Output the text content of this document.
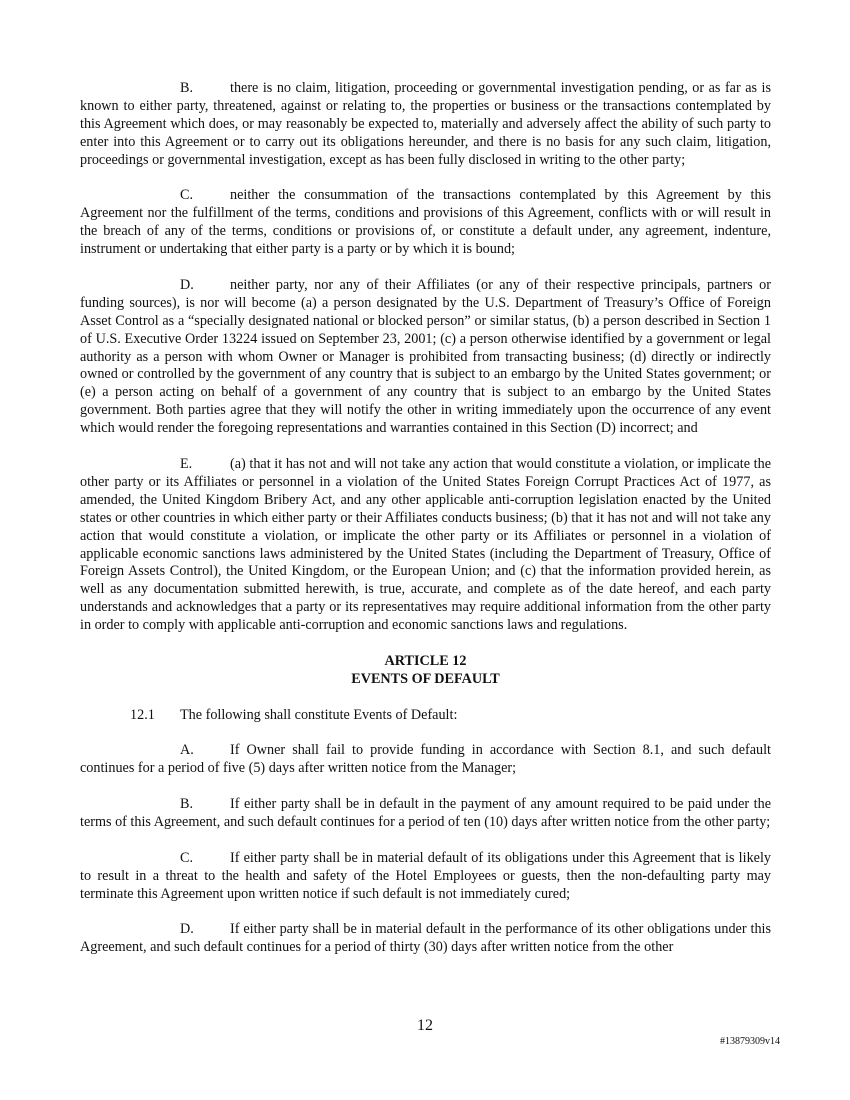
B.	there is no claim, litigation, proceeding or governmental investigation pending, or as far as is known to either party, threatened, against or relating to, the properties or business or the transactions contemplated by this Agreement which does, or may reasonably be expected to, materially and adversely affect the ability of such party to enter into this Agreement or to carry out its obligations hereunder, and there is no basis for any such claim, litigation, proceedings or governmental investigation, except as has been fully disclosed in writing to the other party;

C.	neither the consummation of the transactions contemplated by this Agreement by this Agreement nor the fulfillment of the terms, conditions and provisions of this Agreement, conflicts with or will result in the breach of any of the terms, conditions or provisions of, or constitute a default under, any agreement, indenture, instrument or undertaking that either party is a party or by which it is bound;

D.	neither party, nor any of their Affiliates (or any of their respective principals, partners or funding sources), is nor will become (a) a person designated by the U.S. Department of Treasury’s Office of Foreign Asset Control as a “specially designated national or blocked person” or similar status, (b) a person described in Section 1 of U.S. Executive Order 13224 issued on September 23, 2001; (c) a person otherwise identified by a government or legal authority as a person with whom Owner or Manager is prohibited from transacting business; (d) directly or indirectly owned or controlled by the government of any country that is subject to an embargo by the United States government; or (e) a person acting on behalf of a government of any country that is subject to an embargo by the United States government. Both parties agree that they will notify the other in writing immediately upon the occurrence of any event which would render the foregoing representations and warranties contained in this Section (D) incorrect; and

E.	(a) that it has not and will not take any action that would constitute a violation, or implicate the other party or its Affiliates or personnel in a violation of the United States Foreign Corrupt Practices Act of 1977, as amended, the United Kingdom Bribery Act, and any other applicable anti-corruption legislation enacted by the United states or other countries in which either party or their Affiliates conducts business; (b) that it has not and will not take any action that would constitute a violation, or implicate the other party or its Affiliates or personnel in a violation of applicable economic sanctions laws administered by the United States (including the Department of Treasury, Office of Foreign Assets Control), the United Kingdom, or the European Union; and (c) that the information provided herein, as well as any documentation submitted herewith, is true, accurate, and complete as of the date hereof, and each party understands and acknowledges that a party or its representatives may require additional information from the other party in order to comply with applicable anti-corruption and economic sanctions laws and regulations.

ARTICLE 12
EVENTS OF DEFAULT
12.1 The following shall constitute Events of Default:

A.	If Owner shall fail to provide funding in accordance with Section 8.1, and such default continues for a period of five (5) days after written notice from the Manager;

B.	If either party shall be in default in the payment of any amount required to be paid under the terms of this Agreement, and such default continues for a period of ten (10) days after written notice from the other party;

C.	If either party shall be in material default of its obligations under this Agreement that is likely to result in a threat to the health and safety of the Hotel Employees or guests, then the non-defaulting party may terminate this Agreement upon written notice if such default is not immediately cured;

D.	If either party shall be in material default in the performance of its other obligations under this Agreement, and such default continues for a period of thirty (30) days after written notice from the other

12
#13879309v14
